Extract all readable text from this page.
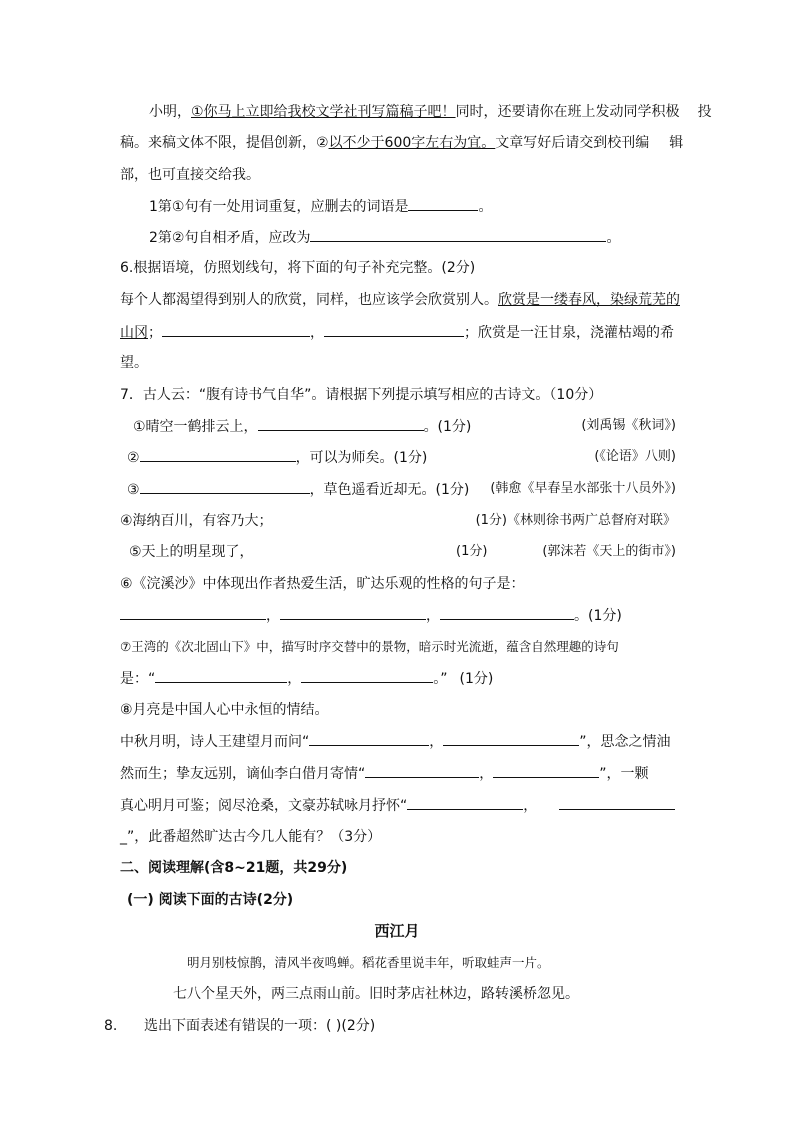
小明，①你马上立即给我校文学社刊写篇稿子吧！同时，还要请你在班上发动同学积极 投
稿。来稿文体不限，提倡创新，②以不少于600字左右为宜。文章写好后请交到校刊编 辑
部，也可直接交给我。
1第①句有一处用词重复，应删去的词语是	。
2第②句自相矛盾，应改为	。
6.根据语境，仿照划线句，将下面的句子补充完整。(2分)
每个人都渴望得到别人的欣赏，同样，也应该学会欣赏别人。欣赏是一缕春风，染绿荒芜的
山冈；	，	；欣赏是一汪甘泉，浇灌枯竭的希
望。
7．古人云：“腹有诗书气自华”。请根据下列提示填写相应的古诗文。（10分）
①晴空一鹤排云上，	。(1分)	(刘禹锡《秋词》)
②	，可以为师矣。(1分)	(《论语》八则)
③	，草色遥看近却无。(1分) (韩愈《早春呈水部张十八员外》)
④海纳百川，有容乃大；	(1分)《林则徐书两广总督府对联》
⑤天上的明星现了，	(1分)	(郭沫若《天上的街市》)
⑥《浣溪沙》中体现出作者热爱生活，旷达乐观的性格的句子是：
，	，	。(1分)
⑦王湾的《次北固山下》中，描写时序交替中的景物，暗示时光流逝，蕴含自然理趣的诗句
是：“	，	。” (1分)
⑧月亮是中国人心中永恒的情结。
中秋月明，诗人王建望月而问“	，	”，思念之情油
然而生；挚友远别，谪仙李白借月寄情“	，	”，一颗
真心明月可鉴；阅尽沧桑，文豪苏轼咏月抒怀“	，
_”，此番超然旷达古今几人能有？（3分）
二、阅读理解(含8~21题，共29分)
(一) 阅读下面的古诗(2分)
西江月
明月别枝惊鹊，清风半夜鸣蝉。稻花香里说丰年，听取蛙声一片。
七八个星天外，两三点雨山前。旧时茅店社林边，路转溪桥忽见。
8. 选出下面表述有错误的一项：( )(2分)
